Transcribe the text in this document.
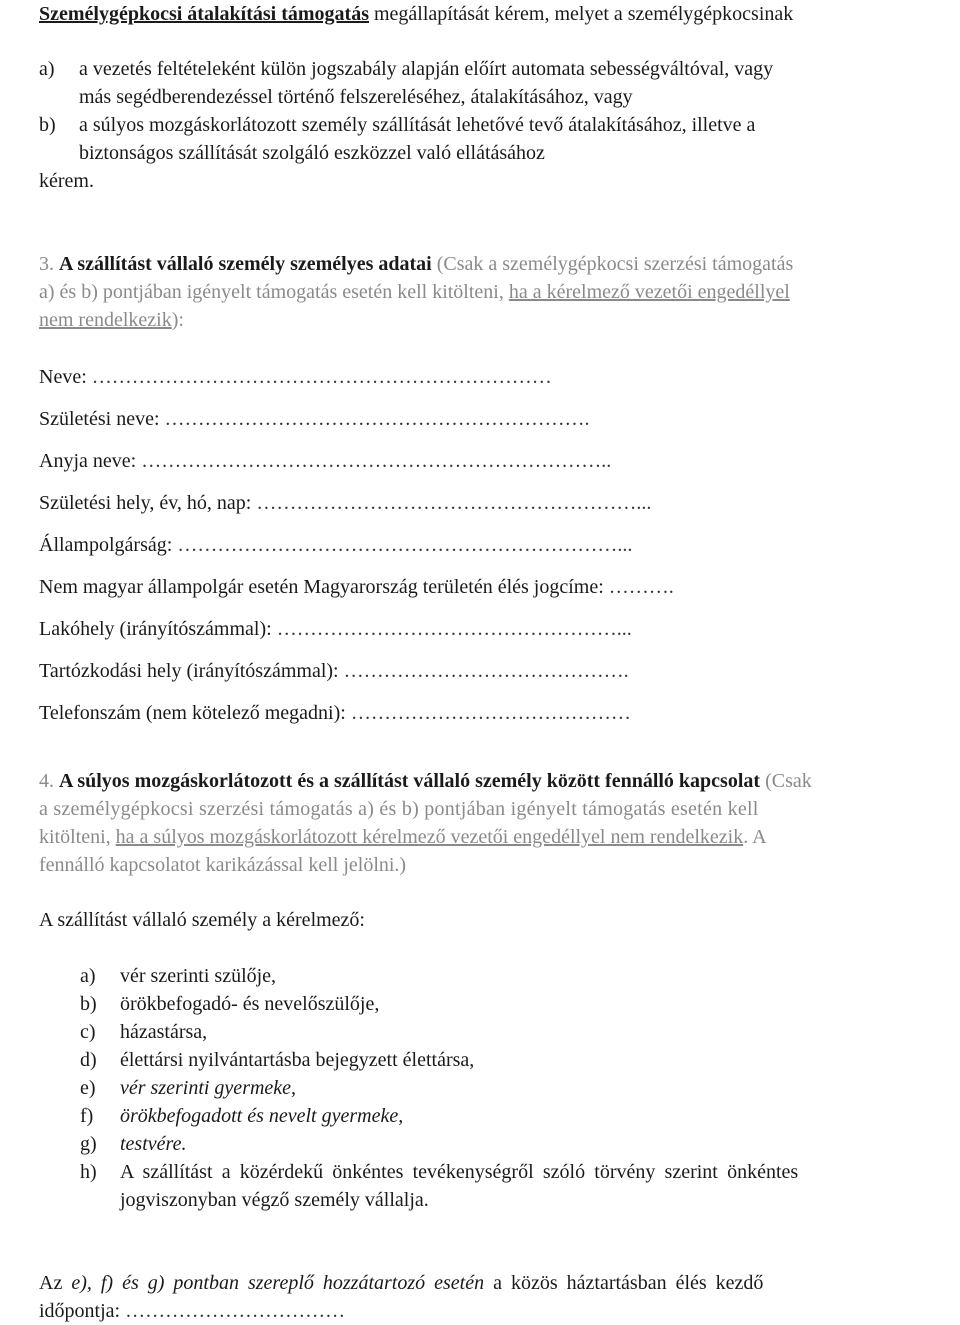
Személygépkocsi átalakítási támogatás megállapítását kérem, melyet a személygépkocsinak
a)	a vezetés feltételeként külön jogszabály alapján előírt automata sebességváltóval, vagy
más segédberendezéssel történő felszereléséhez, átalakításához, vagy
b)	a súlyos mozgáskorlátozott személy szállítását lehetővé tevő átalakításához, illetve a
biztonságos szállítását szolgáló eszközzel való ellátásához
kérem.
3. A szállítást vállaló személy személyes adatai (Csak a személygépkocsi szerzési támogatás
a) és b) pontjában igényelt támogatás esetén kell kitölteni, ha a kérelmező vezetői engedéllyel
nem rendelkezik):
Neve: ……………………………………………………………
Születési neve: ……………………………………………………….
Anyja neve: ……………………………………………………………..
Születési hely, év, hó, nap: …………………………………………………...
Állampolgárság: …………………………………………………………...
Nem magyar állampolgár esetén Magyarország területén élés jogcíme: ……….
Lakóhely (irányítószámmal): ……………………………………………...
Tartózkodási hely (irányítószámmal): …………………………………….
Telefonszám (nem kötelező megadni): ……………………………………
4. A súlyos mozgáskorlátozott és a szállítást vállaló személy között fennálló kapcsolat (Csak
a személygépkocsi szerzési támogatás a) és b) pontjában igényelt támogatás esetén kell
kitölteni, ha a súlyos mozgáskorlátozott kérelmező vezetői engedéllyel nem rendelkezik. A
fennálló kapcsolatot karikázással kell jelölni.)
A szállítást vállaló személy a kérelmező:
a)	vér szerinti szülője,
b)	örökbefogadó- és nevelőszülője,
c)	házastársa,
d)	élettársi nyilvántartásba bejegyzett élettársa,
e)	vér szerinti gyermeke,
f)	örökbefogadott és nevelt gyermeke,
g)	testvére.
h)	A szállítást a közérdekű önkéntes tevékenységről szóló törvény szerint önkéntes
jogviszonyban végző személy vállalja.
Az e), f) és g) pontban szereplő hozzátartozó esetén a közös háztartásban élés kezdő
időpontja: ……………………………
